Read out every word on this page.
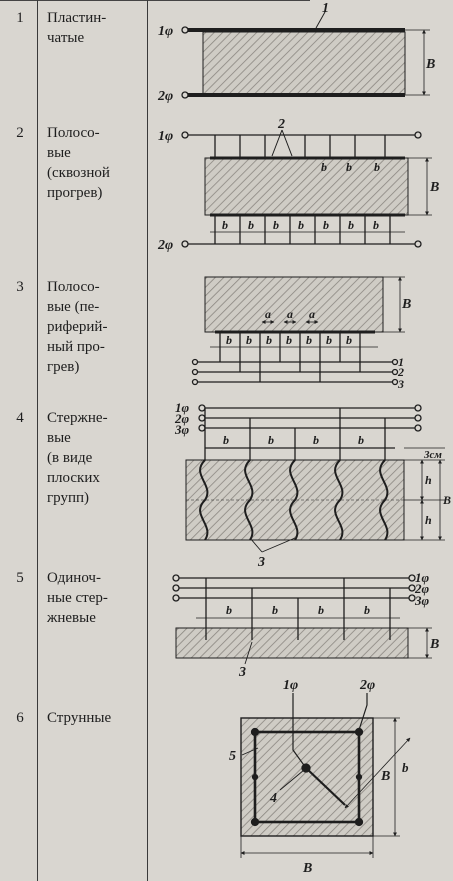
1 Пластин-
чатые
2 Полосо-
вые
(сквозной
прогрев)
3 Полосо-
вые (пе-
риферий-
ный про-
грев)
4 Стержне-
вые
(в виде
плоских
групп)
5 Одиноч-
ные стер-
жневые
6 Струнные
1φ
2φ
1
B
1φ
2φ
2
B
b b b b b b b
b b b
B
a a a
b b b b b b b
1
2
3
1φ
2φ
3φ
b	b	b	b
3см
h
h
B
3
1φ
2φ
3φ
b	b	b	b
B
3
1φ	2φ
5
4
B
B
b
